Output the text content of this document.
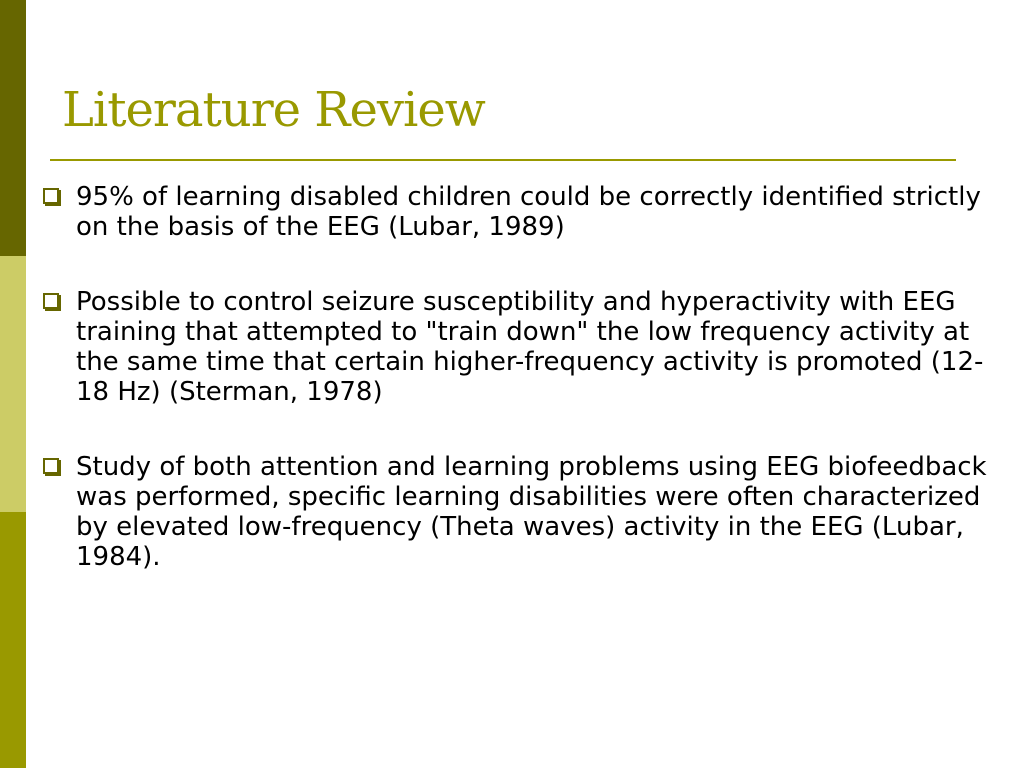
Literature Review
95% of learning disabled children could be correctly identified strictly on the basis of the EEG (Lubar, 1989)
Possible to control seizure susceptibility and hyperactivity with EEG training that attempted to "train down" the low frequency activity at the same time that certain higher-frequency activity is promoted (12-18 Hz) (Sterman, 1978)
Study of both attention and learning problems using EEG biofeedback was performed, specific learning disabilities were often characterized by elevated low-frequency (Theta waves) activity in the EEG (Lubar, 1984).
